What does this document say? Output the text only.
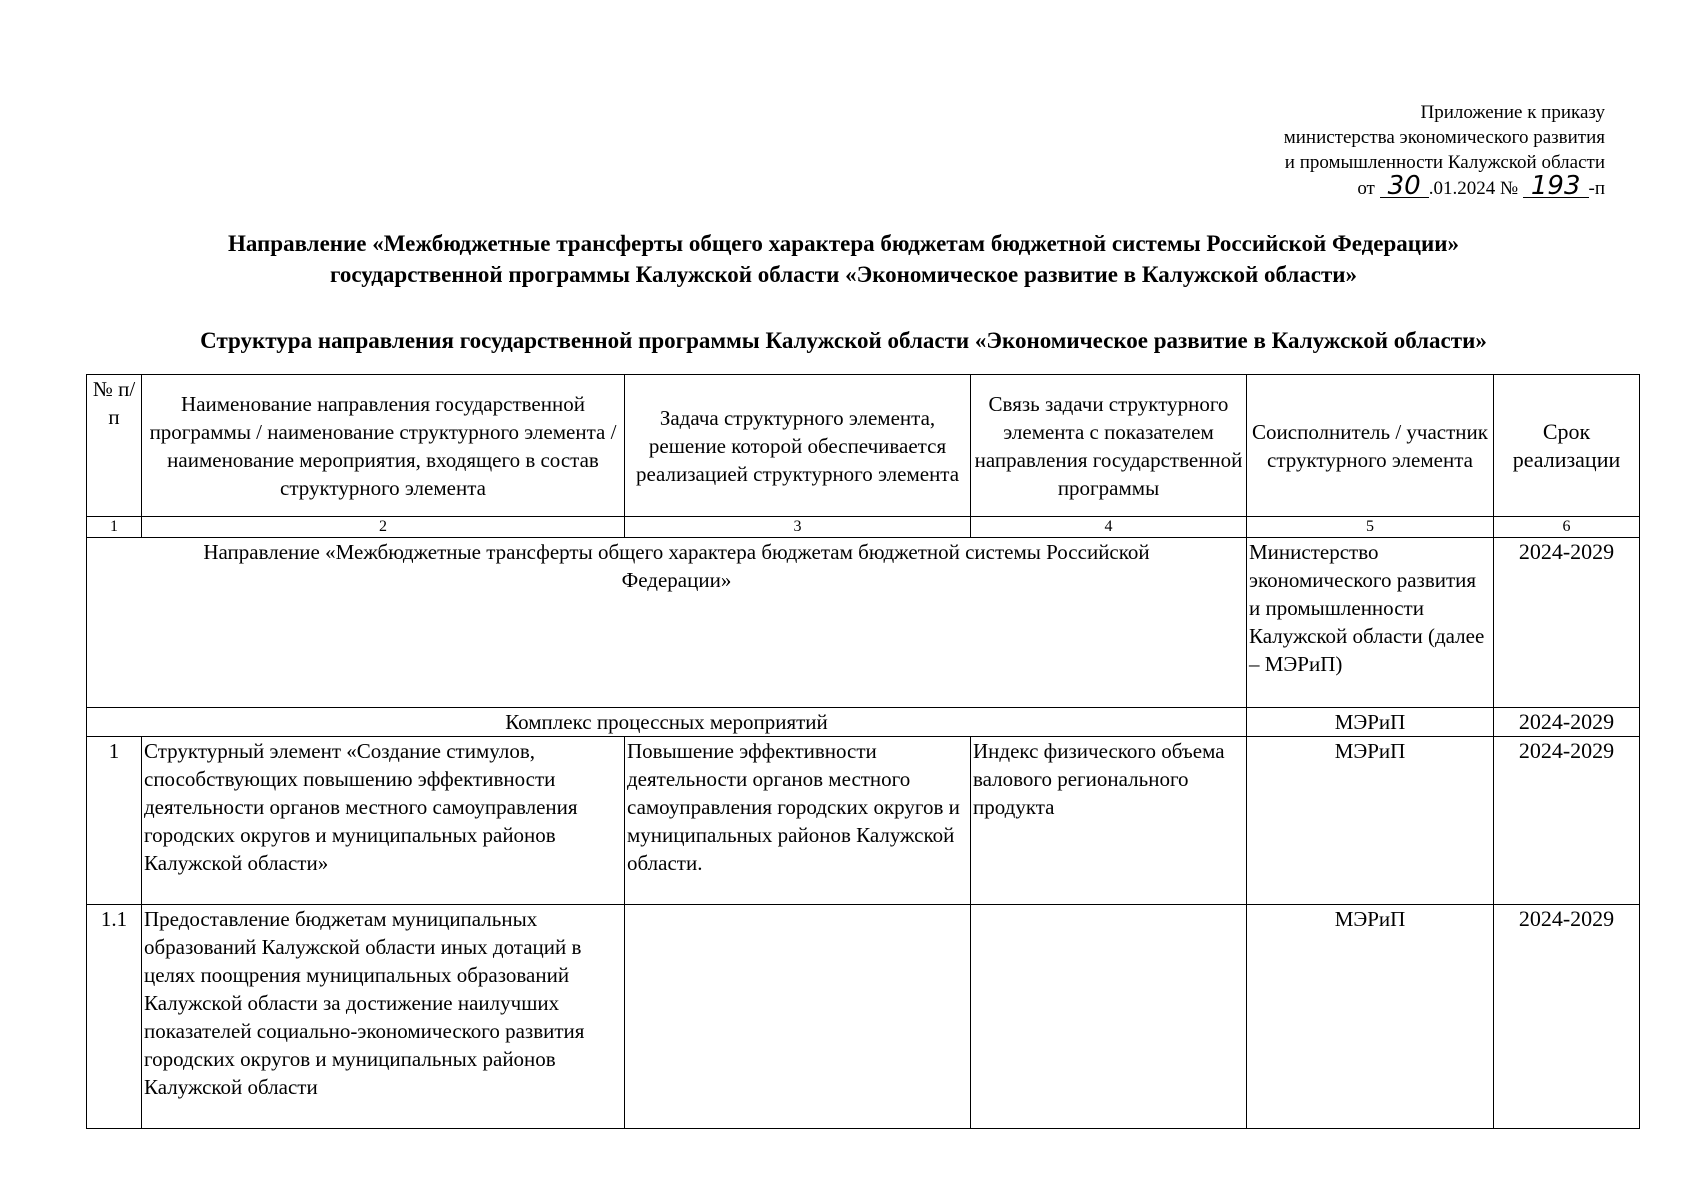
Приложение к приказу
министерства экономического развития
и промышленности Калужской области
от 30 .01.2024 № 193 -п
Направление «Межбюджетные трансферты общего характера бюджетам бюджетной системы Российской Федерации»
государственной программы Калужской области «Экономическое развитие в Калужской области»
Структура направления государственной программы Калужской области «Экономическое развитие в Калужской области»
№ п/п	Наименование направления государственной программы / наименование структурного элемента / наименование мероприятия, входящего в состав структурного элемента	Задача структурного элемента, решение которой обеспечивается реализацией структурного элемента	Связь задачи структурного элемента с показателем направления государственной программы	Соисполнитель / участник структурного элемента	Срок реализации
1	2	3	4	5	6
Направление «Межбюджетные трансферты общего характера бюджетам бюджетной системы Российской Федерации»				Министерство экономического развития и промышленности Калужской области (далее – МЭРиП)	2024-2029
Комплекс процессных мероприятий				МЭРиП	2024-2029
1	Структурный элемент «Создание стимулов, способствующих повышению эффективности деятельности органов местного самоуправления городских округов и муниципальных районов Калужской области»	Повышение эффективности деятельности органов местного самоуправления городских округов и муниципальных районов Калужской области.	Индекс физического объема валового регионального продукта	МЭРиП	2024-2029
1.1	Предоставление бюджетам муниципальных образований Калужской области иных дотаций в целях поощрения муниципальных образований Калужской области за достижение наилучших показателей социально-экономического развития городских округов и муниципальных районов Калужской области			МЭРиП	2024-2029
